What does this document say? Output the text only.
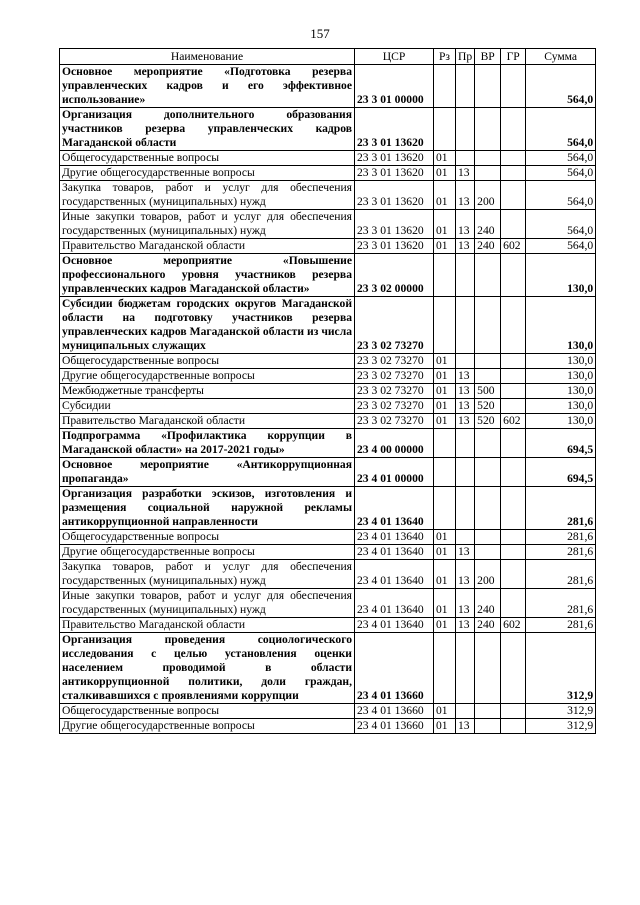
157
Наименование	ЦСР	Рз	Пр	ВР	ГР	Сумма
Основное мероприятие «Подготовка резерва управленческих кадров и его эффективное использование»	23 3 01 00000					564,0
Организация дополнительного образования участников резерва управленческих кадров Магаданской области	23 3 01 13620					564,0
Общегосударственные вопросы	23 3 01 13620	01				564,0
Другие общегосударственные вопросы	23 3 01 13620	01	13			564,0
Закупка товаров, работ и услуг для обеспечения государственных (муниципальных) нужд	23 3 01 13620	01	13	200		564,0
Иные закупки товаров, работ и услуг для обеспечения государственных (муниципальных) нужд	23 3 01 13620	01	13	240		564,0
Правительство Магаданской области	23 3 01 13620	01	13	240	602	564,0
Основное мероприятие «Повышение профессионального уровня участников резерва управленческих кадров Магаданской области»	23 3 02 00000					130,0
Субсидии бюджетам городских округов Магаданской области на подготовку участников резерва управленческих кадров Магаданской области из числа муниципальных служащих	23 3 02 73270					130,0
Общегосударственные вопросы	23 3 02 73270	01				130,0
Другие общегосударственные вопросы	23 3 02 73270	01	13			130,0
Межбюджетные трансферты	23 3 02 73270	01	13	500		130,0
Субсидии	23 3 02 73270	01	13	520		130,0
Правительство Магаданской области	23 3 02 73270	01	13	520	602	130,0
Подпрограмма «Профилактика коррупции в Магаданской области» на 2017-2021 годы»	23 4 00 00000					694,5
Основное мероприятие «Антикоррупционная пропаганда»	23 4 01 00000					694,5
Организация разработки эскизов, изготовления и размещения социальной наружной рекламы антикоррупционной направленности	23 4 01 13640					281,6
Общегосударственные вопросы	23 4 01 13640	01				281,6
Другие общегосударственные вопросы	23 4 01 13640	01	13			281,6
Закупка товаров, работ и услуг для обеспечения государственных (муниципальных) нужд	23 4 01 13640	01	13	200		281,6
Иные закупки товаров, работ и услуг для обеспечения государственных (муниципальных) нужд	23 4 01 13640	01	13	240		281,6
Правительство Магаданской области	23 4 01 13640	01	13	240	602	281,6
Организация проведения социологического исследования с целью установления оценки населением проводимой в области антикоррупционной политики, доли граждан, сталкивавшихся с проявлениями коррупции	23 4 01 13660					312,9
Общегосударственные вопросы	23 4 01 13660	01				312,9
Другие общегосударственные вопросы	23 4 01 13660	01	13			312,9
